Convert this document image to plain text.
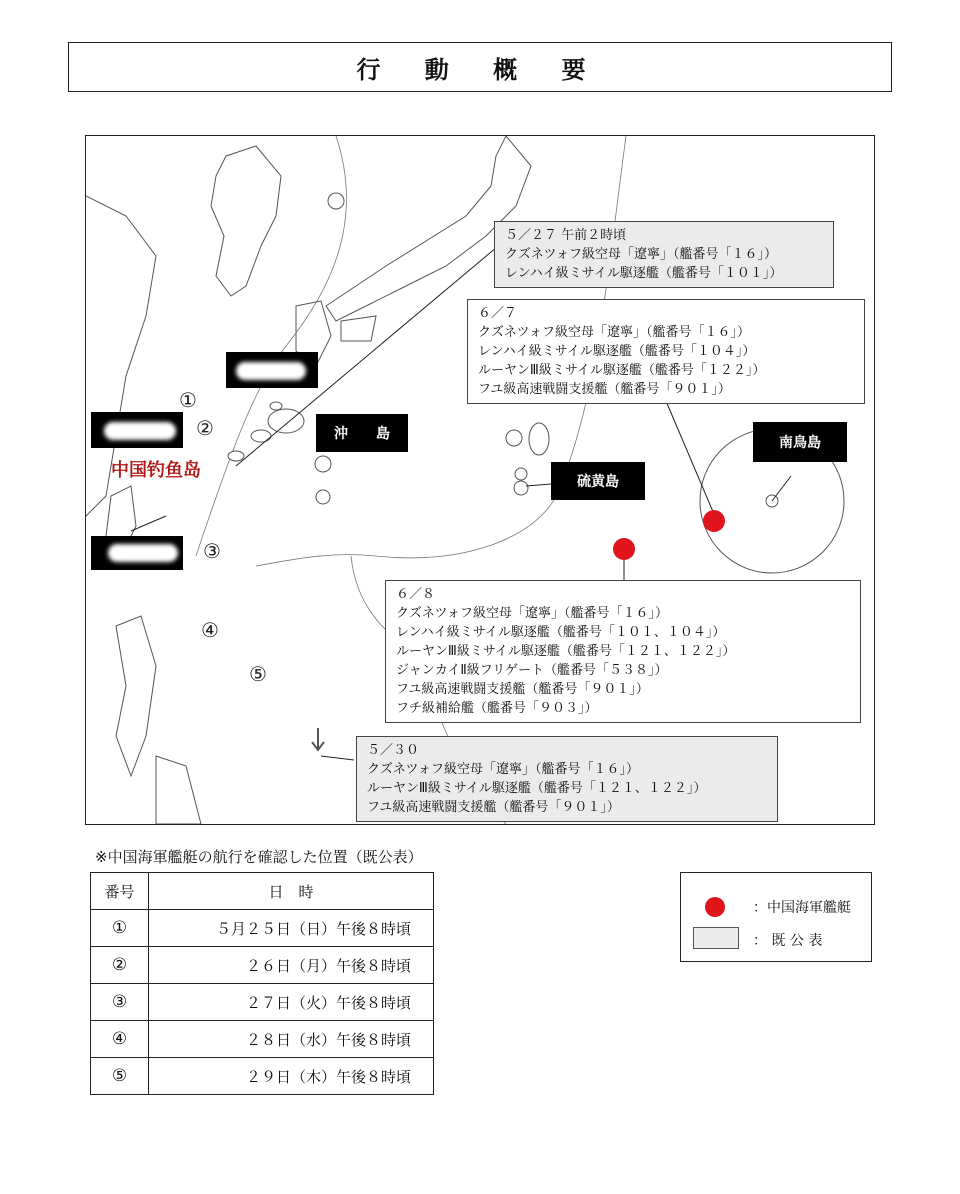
行 動 概 要
５／２７ 午前２時頃
クズネツォフ級空母「遼寧」（艦番号「１６」）
レンハイ級ミサイル駆逐艦（艦番号「１０１」）
６／７
クズネツォフ級空母「遼寧」（艦番号「１６」）
レンハイ級ミサイル駆逐艦（艦番号「１０４」）
ルーヤンⅢ級ミサイル駆逐艦（艦番号「１２２」）
フユ級高速戦闘支援艦（艦番号「９０１」）
６／８
クズネツォフ級空母「遼寧」（艦番号「１６」）
レンハイ級ミサイル駆逐艦（艦番号「１０１、１０４」）
ルーヤンⅢ級ミサイル駆逐艦（艦番号「１２１、１２２」）
ジャンカイⅡ級フリゲート（艦番号「５３８」）
フユ級高速戦闘支援艦（艦番号「９０１」）
フチ級補給艦（艦番号「９０３」）
５／３０
クズネツォフ級空母「遼寧」（艦番号「１６」）
ルーヤンⅢ級ミサイル駆逐艦（艦番号「１２１、１２２」）
フユ級高速戦闘支援艦（艦番号「９０１」）
沖　　島
南鳥島
硫黄島
中国钓鱼岛
①
②
③
④
⑤
※中国海軍艦艇の航行を確認した位置（既公表）
番号	日　時
①	５月２５日（日）午後８時頃
②	２６日（月）午後８時頃
③	２７日（火）午後８時頃
④	２８日（水）午後８時頃
⑤	２９日（木）午後８時頃
：中国海軍艦艇
： 既 公 表
